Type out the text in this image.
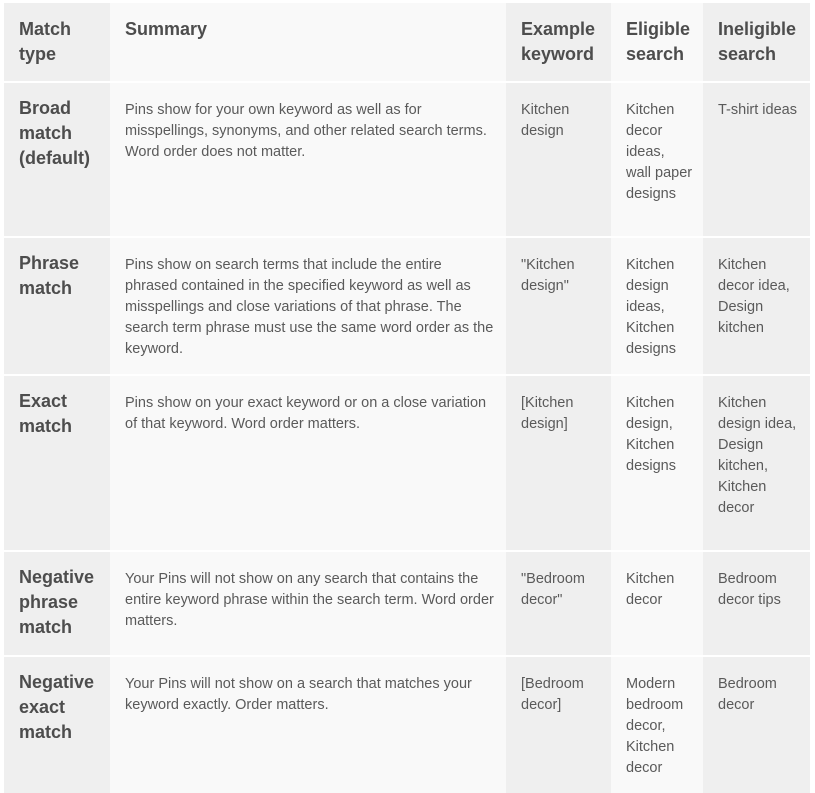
Match type	Summary	Example keyword	Eligible search	Ineligible search
Broad match (default)	Pins show for your own keyword as well as for misspellings, synonyms, and other related search terms. Word order does not matter.	Kitchen design	Kitchen decor ideas, wall paper designs	T-shirt ideas
Phrase match	Pins show on search terms that include the entire phrased contained in the specified keyword as well as misspellings and close variations of that phrase. The search term phrase must use the same word order as the keyword.	"Kitchen design"	Kitchen design ideas, Kitchen designs	Kitchen decor idea, Design kitchen
Exact match	Pins show on your exact keyword or on a close variation of that keyword. Word order matters.	[Kitchen design]	Kitchen design, Kitchen designs	Kitchen design idea, Design kitchen, Kitchen decor
Negative phrase match	Your Pins will not show on any search that contains the entire keyword phrase within the search term. Word order matters.	"Bedroom decor"	Kitchen decor	Bedroom decor tips
Negative exact match	Your Pins will not show on a search that matches your keyword exactly. Order matters.	[Bedroom decor]	Modern bedroom decor, Kitchen decor	Bedroom decor
